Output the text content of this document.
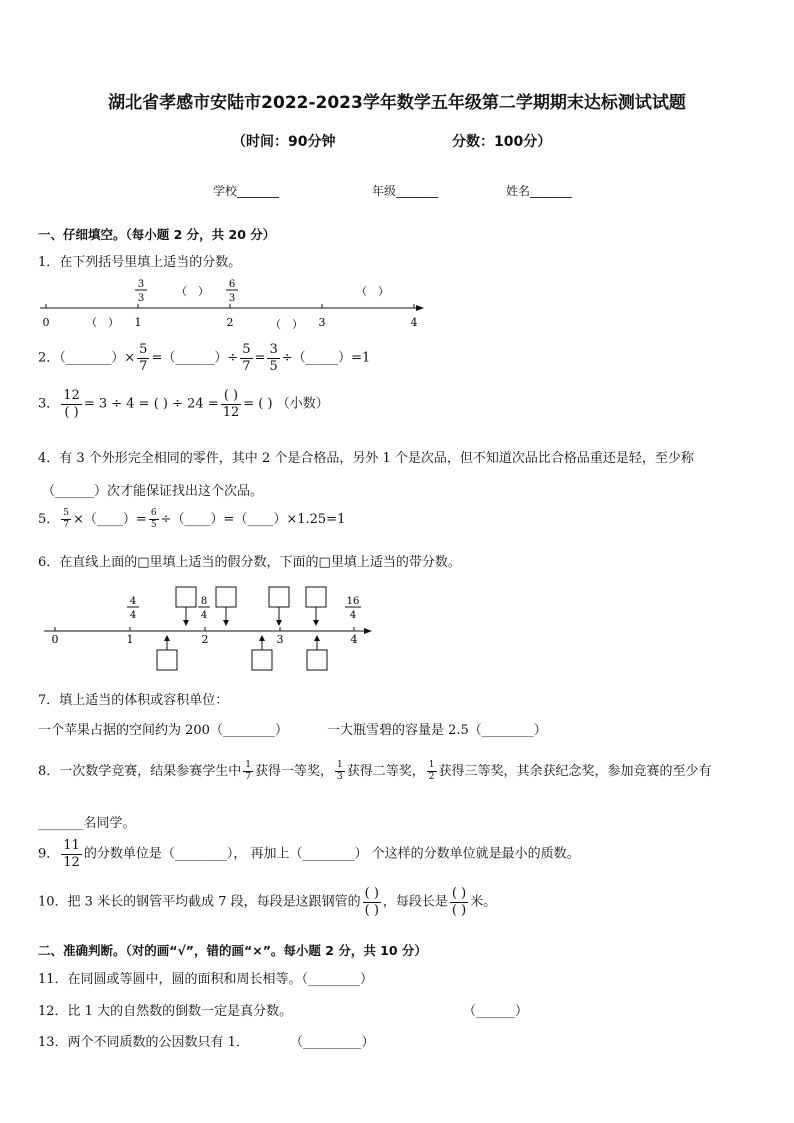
湖北省孝感市安陆市2022-2023学年数学五年级第二学期期末达标测试试题
（时间：90分钟	分数：100分）
学校_______	年级_______	姓名_______
一、仔细填空。（每小题 2 分，共 20 分）
1．在下列括号里填上适当的分数。
0	1	2	3	4
3
3
6
3
（　）	（　）
（　）	（　）
2．（_______）× $\frac{5}{7}$ =（______）÷ $\frac{5}{7} = \frac{3}{5}$ ÷（_____）=1
3． $\frac{12}{( )} = 3 \div 4$ = ( ) ÷ $24 = \frac{( )}{12}$ = ( ) （小数）
4．有 3 个外形完全相同的零件，其中 2 个是合格品，另外 1 个是次品，但不知道次品比合格品重还是轻，至少称
（______）次才能保证找出这个次品。
5． $\frac{5}{7}$ ×（____）= $\frac{6}{5}$ ÷（____）=（____）×1.25=1
6．在直线上面的□里填上适当的假分数，下面的□里填上适当的带分数。
0	1	2	3	4
4
4
8
4
16
4
7．填上适当的体积或容积单位：
一个苹果占据的空间约为 200（________）	一大瓶雪碧的容量是 2.5（________）
8．一次数学竞赛，结果参赛学生中 $\frac{1}{7}$ 获得一等奖， $\frac{1}{3}$ 获得二等奖， $\frac{1}{2}$ 获得三等奖，其余获纪念奖，参加竞赛的至少有
_______名同学。
9． $\frac{11}{12}$ 的分数单位是（________）， 再加上（________） 个这样的分数单位就是最小的质数。
10．把 3 米长的钢管平均截成 7 段，每段是这跟钢管的 $\frac{( )}{( )}$ ，每段长是 $\frac{( )}{( )}$ 米。
二、准确判断。（对的画“√”，错的画“×”。每小题 2 分，共 10 分）
11．在同圆或等圆中，圆的面积和周长相等。（________）
12．比 1 大的自然数的倒数一定是真分数。	（______）
13．两个不同质数的公因数只有 1．	（_________）
